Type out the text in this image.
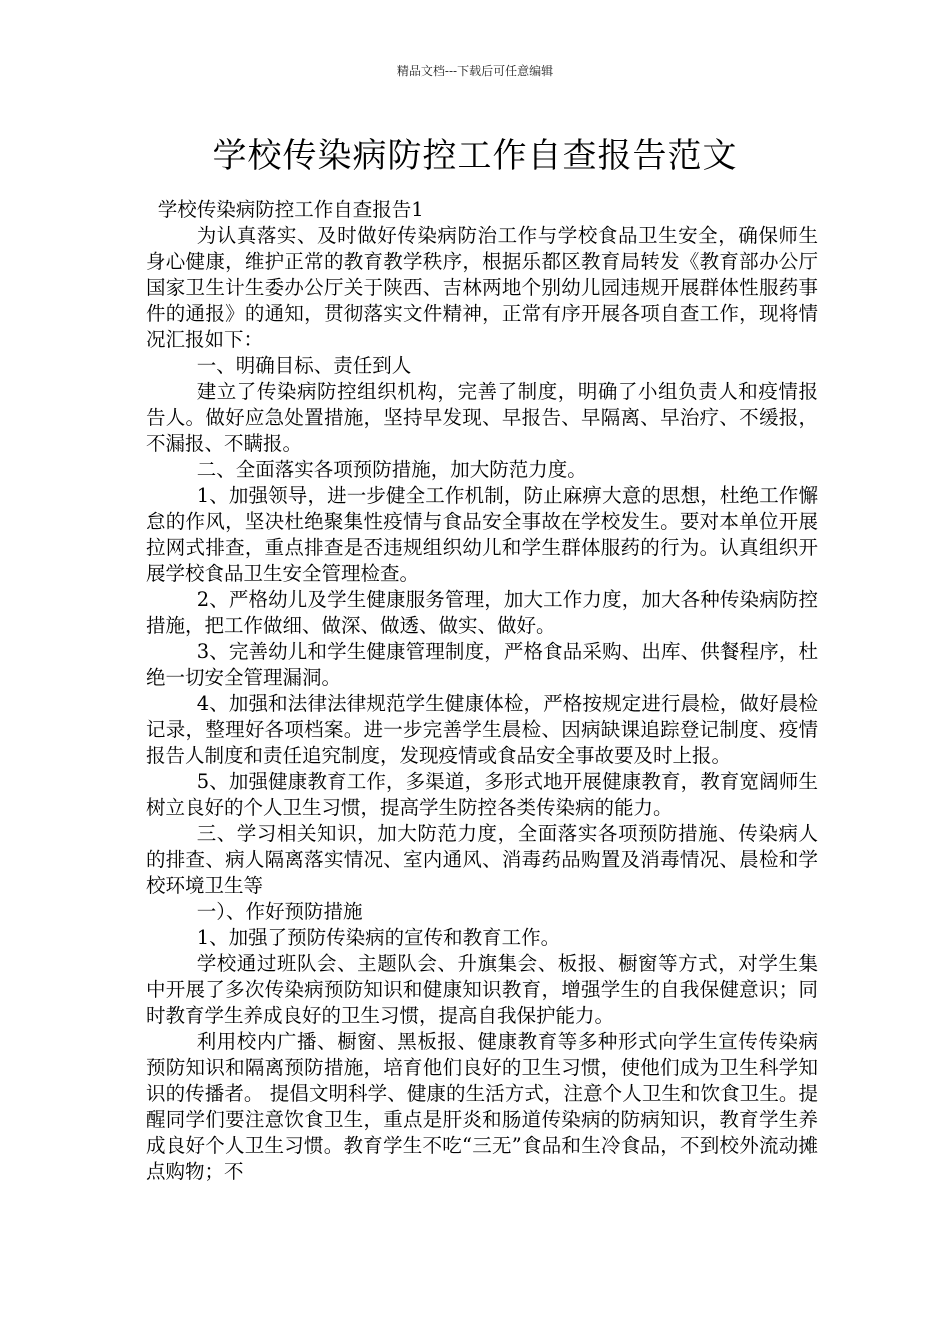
精品文档---下载后可任意编辑
学校传染病防控工作自查报告范文

学校传染病防控工作自查报告1

为认真落实、及时做好传染病防治工作与学校食品卫生安全，确保师生身心健康，维护正常的教育教学秩序，根据乐都区教育局转发《教育部办公厅国家卫生计生委办公厅关于陕西、吉林两地个别幼儿园违规开展群体性服药事件的通报》的通知，贯彻落实文件精神，正常有序开展各项自查工作，现将情况汇报如下：

一、明确目标、责任到人

建立了传染病防控组织机构，完善了制度，明确了小组负责人和疫情报告人。做好应急处置措施，坚持早发现、早报告、早隔离、早治疗、不缓报，不漏报、不瞒报。

二、全面落实各项预防措施，加大防范力度。

1、加强领导，进一步健全工作机制，防止麻痹大意的思想，杜绝工作懈怠的作风，坚决杜绝聚集性疫情与食品安全事故在学校发生。要对本单位开展拉网式排查，重点排查是否违规组织幼儿和学生群体服药的行为。认真组织开展学校食品卫生安全管理检查。

2、严格幼儿及学生健康服务管理，加大工作力度，加大各种传染病防控措施，把工作做细、做深、做透、做实、做好。

3、完善幼儿和学生健康管理制度，严格食品采购、出库、供餐程序，杜绝一切安全管理漏洞。

4、加强和法律法律规范学生健康体检，严格按规定进行晨检，做好晨检记录，整理好各项档案。进一步完善学生晨检、因病缺课追踪登记制度、疫情报告人制度和责任追究制度，发现疫情或食品安全事故要及时上报。

5、加强健康教育工作，多渠道，多形式地开展健康教育，教育宽阔师生树立良好的个人卫生习惯，提高学生防控各类传染病的能力。

三、学习相关知识，加大防范力度，全面落实各项预防措施、传染病人的排查、病人隔离落实情况、室内通风、消毒药品购置及消毒情况、晨检和学校环境卫生等

一）、作好预防措施

1、加强了预防传染病的宣传和教育工作。

学校通过班队会、主题队会、升旗集会、板报、橱窗等方式，对学生集中开展了多次传染病预防知识和健康知识教育，增强学生的自我保健意识；同时教育学生养成良好的卫生习惯，提高自我保护能力。

利用校内广播、橱窗、黑板报、健康教育等多种形式向学生宣传传染病预防知识和隔离预防措施，培育他们良好的卫生习惯，使他们成为卫生科学知识的传播者。 提倡文明科学、健康的生活方式，注意个人卫生和饮食卫生。提醒同学们要注意饮食卫生，重点是肝炎和肠道传染病的防病知识，教育学生养成良好个人卫生习惯。教育学生不吃“三无”食品和生冷食品，不到校外流动摊点购物；不
